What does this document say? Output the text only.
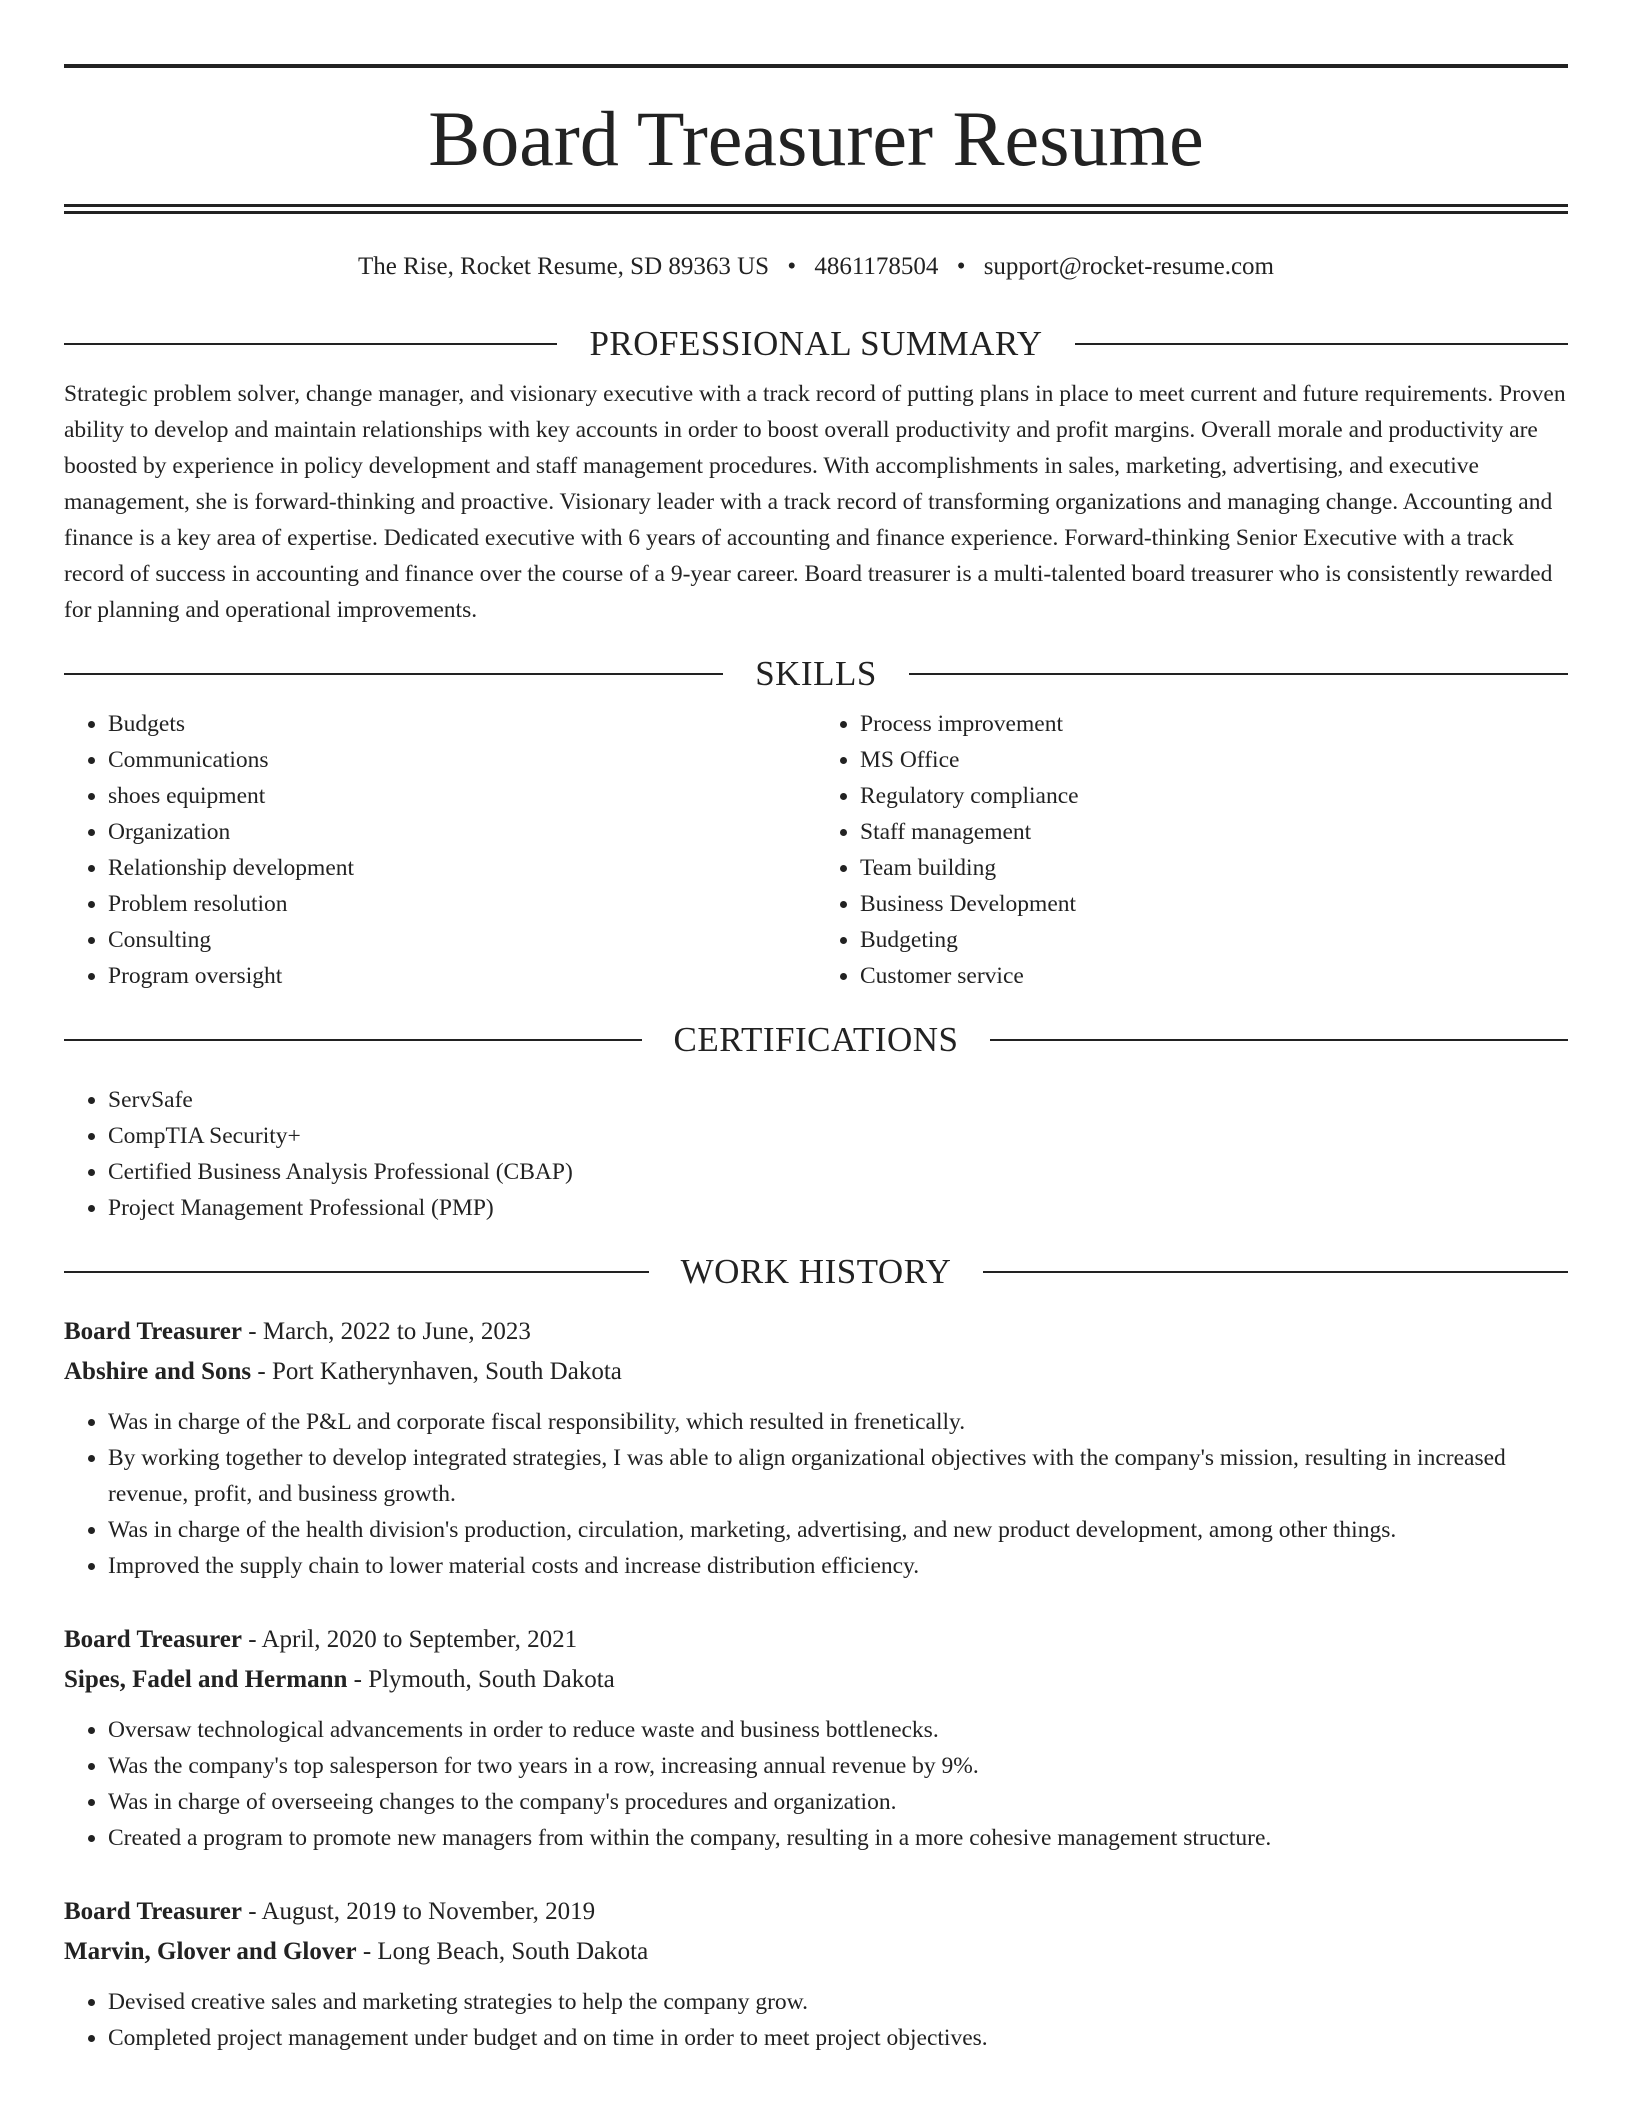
Board Treasurer Resume
The Rise, Rocket Resume, SD 89363 US • 4861178504 • support@rocket-resume.com
PROFESSIONAL SUMMARY

Strategic problem solver, change manager, and visionary executive with a track record of putting plans in place to meet current and future requirements. Proven ability to develop and maintain relationships with key accounts in order to boost overall productivity and profit margins. Overall morale and productivity are boosted by experience in policy development and staff management procedures. With accomplishments in sales, marketing, advertising, and executive management, she is forward-thinking and proactive. Visionary leader with a track record of transforming organizations and managing change. Accounting and finance is a key area of expertise. Dedicated executive with 6 years of accounting and finance experience. Forward-thinking Senior Executive with a track record of success in accounting and finance over the course of a 9-year career. Board treasurer is a multi-talented board treasurer who is consistently rewarded for planning and operational improvements.

SKILLS
• Budgets
• Communications
• shoes equipment
• Organization
• Relationship development
• Problem resolution
• Consulting
• Program oversight
• Process improvement
• MS Office
• Regulatory compliance
• Staff management
• Team building
• Business Development
• Budgeting
• Customer service
CERTIFICATIONS
• ServSafe
• CompTIA Security+
• Certified Business Analysis Professional (CBAP)
• Project Management Professional (PMP)
WORK HISTORY
Board Treasurer - March, 2022 to June, 2023
Abshire and Sons - Port Katherynhaven, South Dakota
• Was in charge of the P&L and corporate fiscal responsibility, which resulted in frenetically.
• By working together to develop integrated strategies, I was able to align organizational objectives with the company's mission, resulting in increased revenue, profit, and business growth.
• Was in charge of the health division's production, circulation, marketing, advertising, and new product development, among other things.
• Improved the supply chain to lower material costs and increase distribution efficiency.
Board Treasurer - April, 2020 to September, 2021
Sipes, Fadel and Hermann - Plymouth, South Dakota
• Oversaw technological advancements in order to reduce waste and business bottlenecks.
• Was the company's top salesperson for two years in a row, increasing annual revenue by 9%.
• Was in charge of overseeing changes to the company's procedures and organization.
• Created a program to promote new managers from within the company, resulting in a more cohesive management structure.
Board Treasurer - August, 2019 to November, 2019
Marvin, Glover and Glover - Long Beach, South Dakota
• Devised creative sales and marketing strategies to help the company grow.
• Completed project management under budget and on time in order to meet project objectives.
